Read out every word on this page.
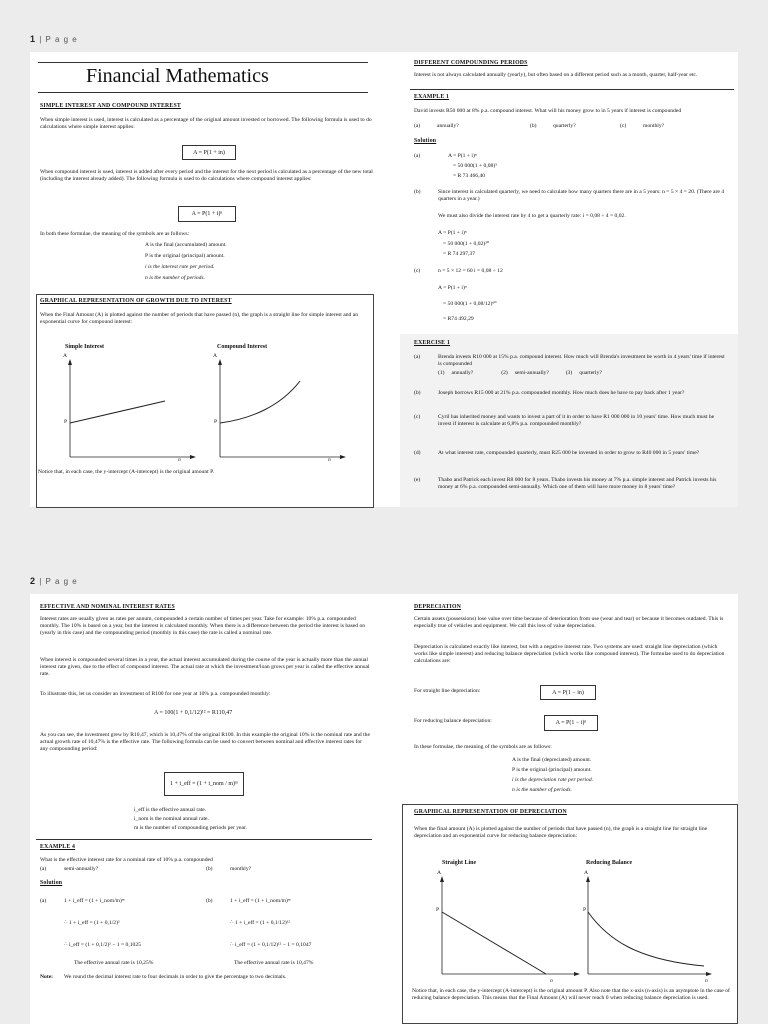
1 | P a g e
Financial Mathematics
SIMPLE INTEREST AND COMPOUND INTEREST
When simple interest is used, interest is calculated as a percentage of the original amount invested or borrowed. The following formula is used to do calculations where simple interest applies:
A = P(1 + in)
When compound interest is used, interest is added after every period and the interest for the next period is calculated as a percentage of the new total (including the interest already added). The following formula is used to do calculations where compound interest applies:
A = P(1 + i)ⁿ
In both these formulae, the meaning of the symbols are as follows:
A is the final (accumulated) amount.
P is the original (principal) amount.
i is the interest rate per period.
n is the number of periods.
GRAPHICAL REPRESENTATION OF GROWTH DUE TO INTEREST
When the Final Amount (A) is plotted against the number of periods that have passed (n), the graph is a straight line for simple interest and an exponential curve for compound interest:
Simple Interest	Compound Interest
A
P
n
A
P
n
Notice that, in each case, the y-intercept (A-intercept) is the original amount P.
DIFFERENT COMPOUNDING PERIODS
Interest is not always calculated annually (yearly), but often based on a different period such as a month, quarter, half-year etc.
EXAMPLE 1
David invests R50 000 at 8% p.a. compound interest. What will his money grow to in 5 years if interest is compounded
(a)	annually?	(b)	quarterly?	(c)	monthly?
Solution
(a)	A = P(1 + i)ⁿ
= 50 000(1 + 0,08)⁵
= R 73 466,40
(b)	Since interest is calculated quarterly, we need to calculate how many quarters there are in a 5 years: n = 5 × 4 = 20. (There are 4 quarters in a year.)
We must also divide the interest rate by 4 to get a quarterly rate: i = 0,08 ÷ 4 = 0,02.
A = P(1 + i)ⁿ
= 50 000(1 + 0,02)²⁰
= R 74 297,37
(c)	n = 5 × 12 = 60 i = 0,08 ÷ 12
A = P(1 + i)ⁿ
= 50 000(1 + 0,08/12)⁶⁰
= R74 492,29
EXERCISE 1
(a)	Brenda invests R10 000 at 15% p.a. compound interest. How much will Brenda's investment be worth in 4 years' time if interest is compounded
(1)     annually?                    (2)     semi-annually?            (3)     quarterly?
(b)	Joseph borrows R15 000 at 21% p.a. compounded monthly. How much does he have to pay back after 1 year?
(c)	Cyril has inherited money and wants to invest a part of it in order to have R1 000 000 in 10 years' time. How much must he invest if interest is calculate at 6,8% p.a. compounded monthly?
(d)	At what interest rate, compounded quarterly, must R25 000 be invested in order to grow to R40 000 in 5 years' time?
(e)	Thabo and Patrick each invest R8 000 for 8 years. Thabo invests his money at 7% p.a. simple interest and Patrick invests his money at 6% p.a. compounded semi-annually. Which one of them will have more money in 8 years' time?
2 | P a g e
EFFECTIVE AND NOMINAL INTEREST RATES
Interest rates are usually given as rates per annum, compounded a certain number of times per year. Take for example: 10% p.a. compounded monthly. The 10% is based on a year, but the interest is calculated monthly. When there is a difference between the period the interest is based on (yearly in this case) and the compounding period (monthly in this case) the rate is called a nominal rate.
When interest is compounded several times in a year, the actual interest accumulated during the course of the year is actually more than the annual interest rate given, due to the effect of compound interest. The actual rate at which the investment/loan grows per year is called the effective annual rate.
To illustrate this, let us consider an investment of R100 for one year at 10% p.a. compounded monthly:
A = 100(1 + 0,1/12)¹² = R110,47
As you can see, the investment grew by R10,47, which is 10,47% of the original R100. In this example the original 10% is the nominal rate and the actual growth rate of 10,47% is the effective rate. The following formula can be used to convert between nominal and effective interest rates for any compounding period:
1 + i_eff = (1 + i_nom / m)ᵐ
i_eff is the effective annual rate.
i_nom is the nominal annual rate.
m is the number of compounding periods per year.
EXAMPLE 4
What is the effective interest rate for a nominal rate of 10% p.a. compounded
(a)	semi-annually?	(b)	monthly?
Solution
(a)	1 + i_eff = (1 + i_nom/m)ᵐ
∴ 1 + i_eff = (1 + 0,1/2)²
∴ i_eff = (1 + 0,1/2)² − 1 = 0,1025
The effective annual rate is 10,25%
(b)	1 + i_eff = (1 + i_nom/m)ᵐ
∴ 1 + i_eff = (1 + 0,1/12)¹²
∴ i_eff = (1 + 0,1/12)¹² − 1 = 0,1047
The effective annual rate is 10,47%
Note: We round the decimal interest rate to four decimals in order to give the percentage to two decimals.
DEPRECIATION
Certain assets (possessions) lose value over time because of deterioration from use (wear and tear) or because it becomes outdated. This is especially true of vehicles and equipment. We call this loss of value depreciation.
Depreciation is calculated exactly like interest, but with a negative interest rate. Two systems are used: straight line depreciation (which works like simple interest) and reducing balance depreciation (which works like compound interest). The formulae used to do depreciation calculations are:
For straight line depreciation:	A = P(1 − in)
For reducing balance depreciation:	A = P(1 − i)ⁿ
In these formulae, the meaning of the symbols are as follows:
A is the final (depreciated) amount.
P is the original (principal) amount.
i is the depreciation rate per period.
n is the number of periods.
GRAPHICAL REPRESENTATION OF DEPRECIATION
When the final amount (A) is plotted against the number of periods that have passed (n), the graph is a straight line for straight line depreciation and an exponential curve for reducing balance depreciation:
Straight Line	Reducing Balance
A
P
n
A
P
n
Notice that, in each case, the y-intercept (A-intercept) is the original amount P. Also note that the x-axis (n-axis) is an asymptote in the case of reducing balance depreciation. This means that the Final Amount (A) will never reach 0 when reducing balance depreciation is used.
